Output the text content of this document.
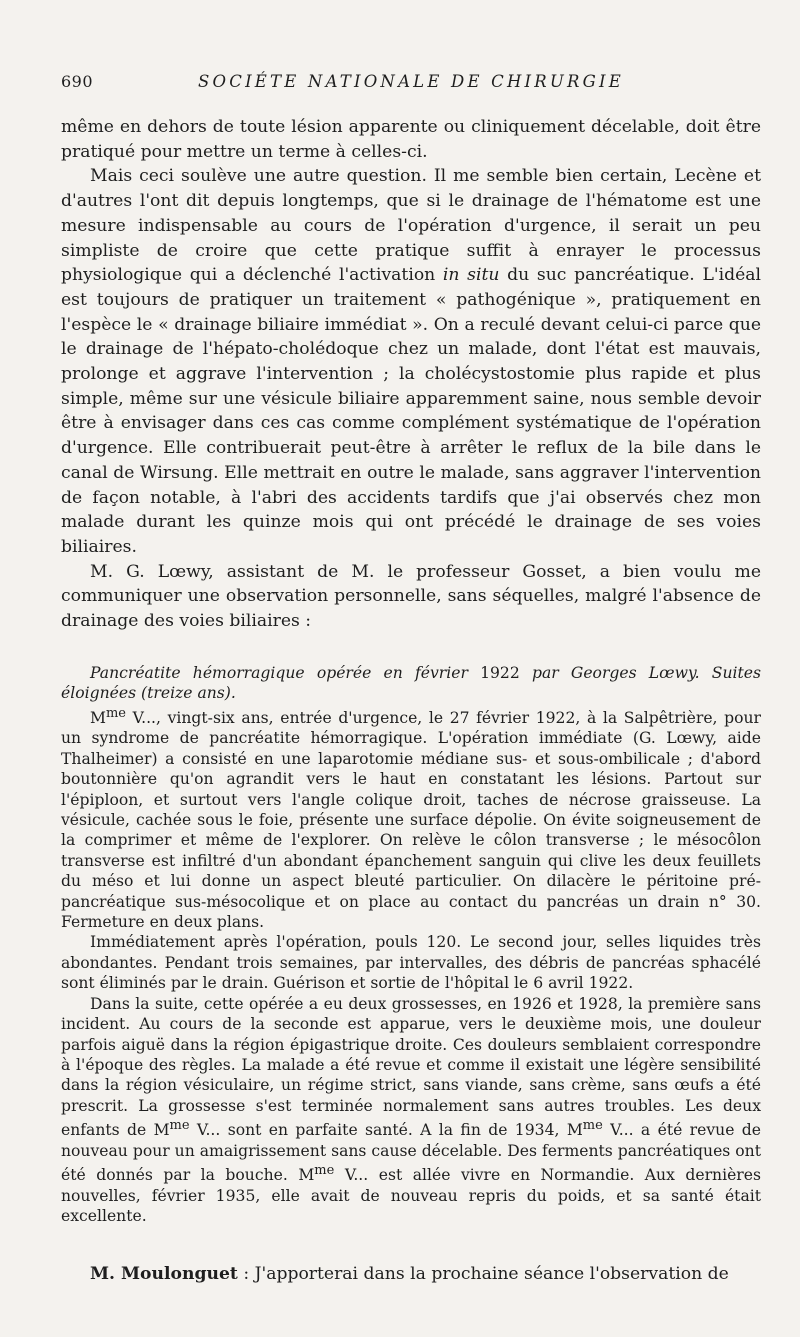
690	SOCIÉTE NATIONALE DE CHIRURGIE

même en dehors de toute lésion apparente ou cliniquement décelable, doit être pratiqué pour mettre un terme à celles-ci.

Mais ceci soulève une autre question. Il me semble bien certain, Lecène et d'autres l'ont dit depuis longtemps, que si le drainage de l'hématome est une mesure indispensable au cours de l'opération d'urgence, il serait un peu simpliste de croire que cette pratique suffit à enrayer le processus physiologique qui a déclenché l'activation in situ du suc pancréatique. L'idéal est toujours de pratiquer un traitement « pathogénique », pratiquement en l'espèce le « drainage biliaire immédiat ». On a reculé devant celui-ci parce que le drainage de l'hépato-cholédoque chez un malade, dont l'état est mauvais, prolonge et aggrave l'intervention ; la cholécystostomie plus rapide et plus simple, même sur une vésicule biliaire apparemment saine, nous semble devoir être à envisager dans ces cas comme complément systématique de l'opération d'urgence. Elle contribuerait peut-être à arrêter le reflux de la bile dans le canal de Wirsung. Elle mettrait en outre le malade, sans aggraver l'intervention de façon notable, à l'abri des accidents tardifs que j'ai observés chez mon malade durant les quinze mois qui ont précédé le drainage de ses voies biliaires.

M. G. Lœwy, assistant de M. le professeur Gosset, a bien voulu me communiquer une observation personnelle, sans séquelles, malgré l'absence de drainage des voies biliaires :

Pancréatite hémorragique opérée en février 1922 par Georges Lœwy. Suites éloignées (treize ans).

$M^{me}$ V..., vingt-six ans, entrée d'urgence, le 27 février 1922, à la Salpêtrière, pour un syndrome de pancréatite hémorragique. L'opération immédiate (G. Lœwy, aide Thalheimer) a consisté en une laparotomie médiane sus- et sous-ombilicale ; d'abord boutonnière qu'on agrandit vers le haut en constatant les lésions. Partout sur l'épiploon, et surtout vers l'angle colique droit, taches de nécrose graisseuse. La vésicule, cachée sous le foie, présente une surface dépolie. On évite soigneusement de la comprimer et même de l'explorer. On relève le côlon transverse ; le mésocôlon transverse est infiltré d'un abondant épanchement sanguin qui clive les deux feuillets du méso et lui donne un aspect bleuté particulier. On dilacère le péritoine pré-pancréatique sus-mésocolique et on place au contact du pancréas un drain n° 30. Fermeture en deux plans.

Immédiatement après l'opération, pouls 120. Le second jour, selles liquides très abondantes. Pendant trois semaines, par intervalles, des débris de pancréas sphacélé sont éliminés par le drain. Guérison et sortie de l'hôpital le 6 avril 1922.

Dans la suite, cette opérée a eu deux grossesses, en 1926 et 1928, la première sans incident. Au cours de la seconde est apparue, vers le deuxième mois, une douleur parfois aiguë dans la région épigastrique droite. Ces douleurs semblaient correspondre à l'époque des règles. La malade a été revue et comme il existait une légère sensibilité dans la région vésiculaire, un régime strict, sans viande, sans crème, sans œufs a été prescrit. La grossesse s'est terminée normalement sans autres troubles. Les deux enfants de $M^{me}$ V... sont en parfaite santé. A la fin de 1934, $M^{me}$ V... a été revue de nouveau pour un amaigrissement sans cause décelable. Des ferments pancréatiques ont été donnés par la bouche. $M^{me}$ V... est allée vivre en Normandie. Aux dernières nouvelles, février 1935, elle avait de nouveau repris du poids, et sa santé était excellente.

M. Moulonguet : J'apporterai dans la prochaine séance l'observation de
